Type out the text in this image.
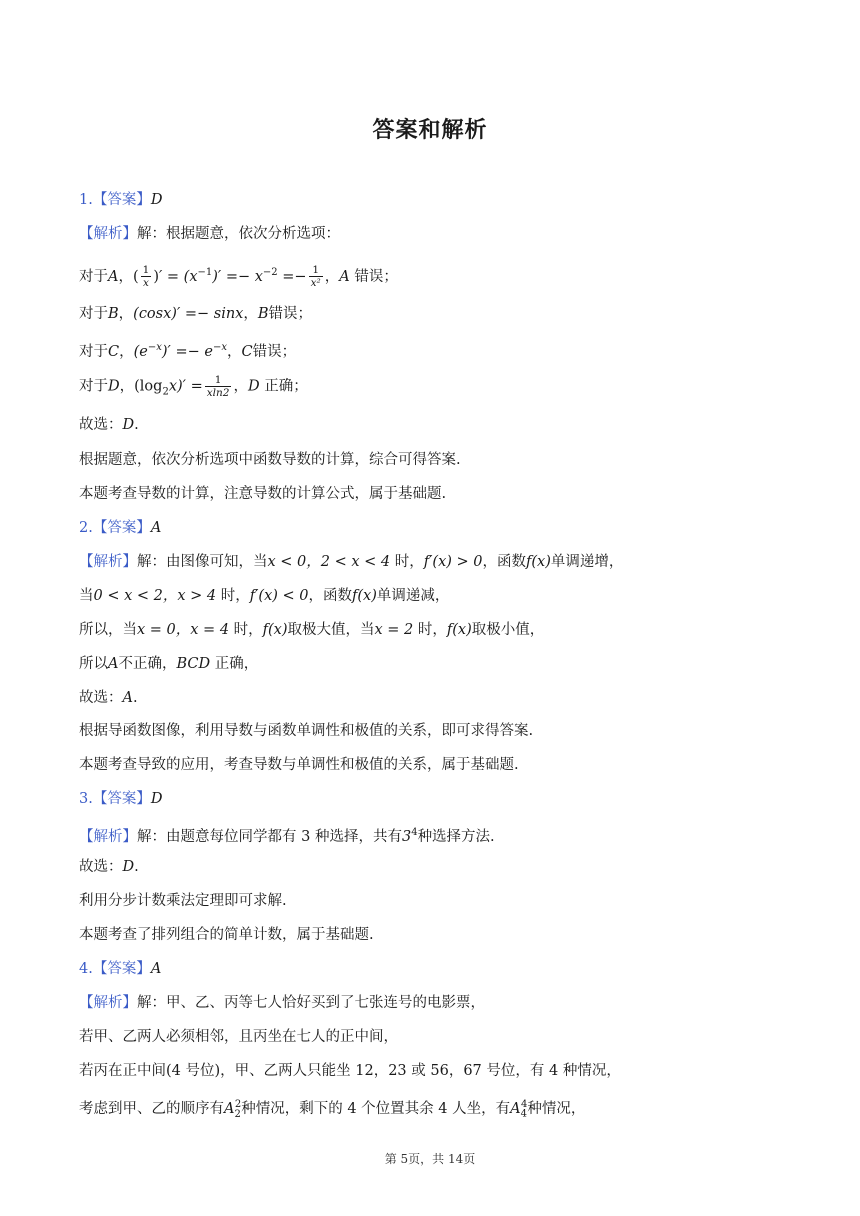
答案和解析
1.【答案】D
【解析】解：根据题意，依次分析选项：
对于A，( $\frac{1}{x}$ )′ = $(x^{-1})' =- x^{-2} =- \frac{1}{\text{x²}}$ ，A 错误；
对于B，(cosx)′ =− sinx，B错误；
对于C，$(e^{-x})' =- e^{-x}$，C错误；
对于D，$(\log_2x)' = \frac{1}{xln2}$ ，D 正确；
故选：D.
根据题意，依次分析选项中函数导数的计算，综合可得答案.
本题考查导数的计算，注意导数的计算公式，属于基础题.
2.【答案】A
【解析】解：由图像可知，当x < 0，2 < x < 4 时，f′(x) > 0，函数f(x)单调递增，
当0 < x < 2，x > 4 时，f′(x) < 0，函数f(x)单调递减，
所以，当x = 0，x = 4 时，f(x)取极大值，当x = 2 时，f(x)取极小值，
所以A不正确，BCD 正确，
故选：A.
根据导函数图像，利用导数与函数单调性和极值的关系，即可求得答案.
本题考查导致的应用，考查导数与单调性和极值的关系，属于基础题.
3.【答案】D
【解析】解：由题意每位同学都有 3 种选择，共有$3^4$种选择方法.
故选：D.
利用分步计数乘法定理即可求解.
本题考查了排列组合的简单计数，属于基础题.
4.【答案】A
【解析】解：甲、乙、丙等七人恰好买到了七张连号的电影票，
若甲、乙两人必须相邻，且丙坐在七人的正中间，
若丙在正中间(4 号位)，甲、乙两人只能坐 12，23 或 56，67 号位，有 4 种情况，
考虑到甲、乙的顺序有$A_2^2$种情况，剩下的 4 个位置其余 4 人坐，有$A_4^4$种情况，
第 5页，共 14页
